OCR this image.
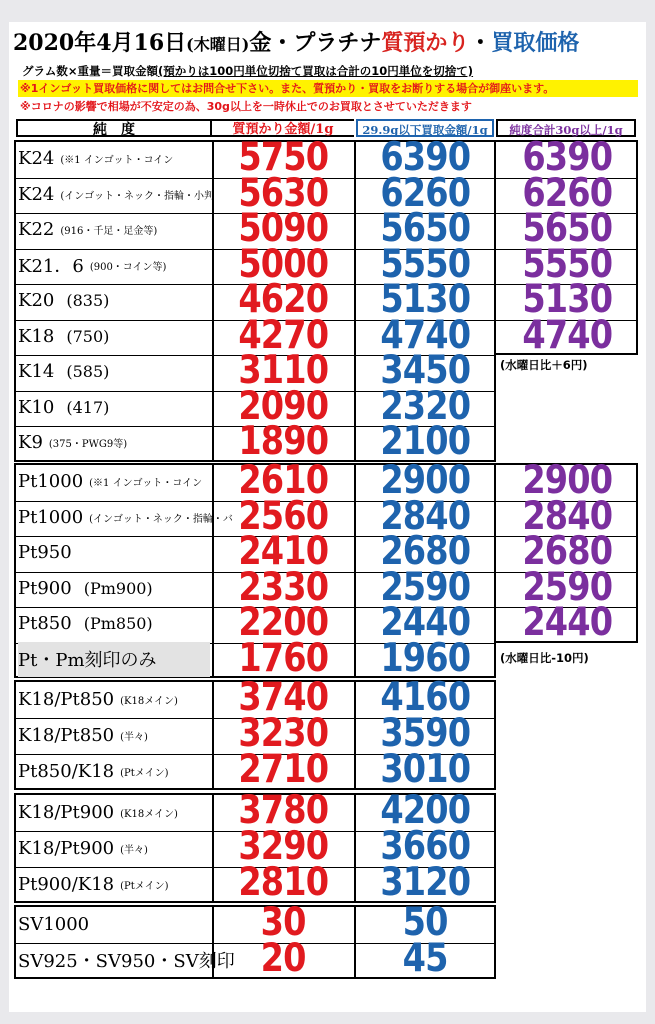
2020年4月16日(木曜日)金・プラチナ質預かり・買取価格
グラム数×重量＝買取金額(預かりは100円単位切捨て買取は合計の10円単位を切捨て)
※1インゴット買取価格に関してはお問合せ下さい。また、質預かり・買取をお断りする場合が御座います。
※コロナの影響で相場が不安定の為、30g以上を一時休止でのお買取とさせていただきます
純　度	質預かり金額/1g	29.9g以下買取金額/1g	純度合計30g以上/1g
K24 (※1 インゴット・コイン	5750	6390	6390
K24 (インゴット・ネック・指輪・小判 5630	6260	6260
K22 (916・千足・足金等)	5090	5650	5650
K21．6 (900・コイン等)	5000	5550	5550
K20 (835)	4620	5130	5130
K18 (750)	4270	4740	4740
K14 (585)	3110	3450
K10 (417)	2090	2320
K9 (375・PWG9等)	1890	2100
(水曜日比＋6円)
Pt1000 (※1 インゴット・コイン 2610	2900	2900
Pt1000 (インゴット・ネック・指輪・バ 2560	2840	2840
Pt950	2410	2680	2680
Pt900 (Pm900)	2330	2590	2590
Pt850 (Pm850)	2200	2440	2440
Pt・Pm刻印のみ	1760	1960	(水曜日比-10円)
K18/Pt850 (K18メイン)	3740	4160
K18/Pt850 (半々)	3230	3590
Pt850/K18 (Ptメイン)	2710	3010
K18/Pt900 (K18メイン)	3780	4200
K18/Pt900 (半々)	3290	3660
Pt900/K18 (Ptメイン)	2810	3120
SV1000	30	50
SV925・SV950・SV刻印 20	45
